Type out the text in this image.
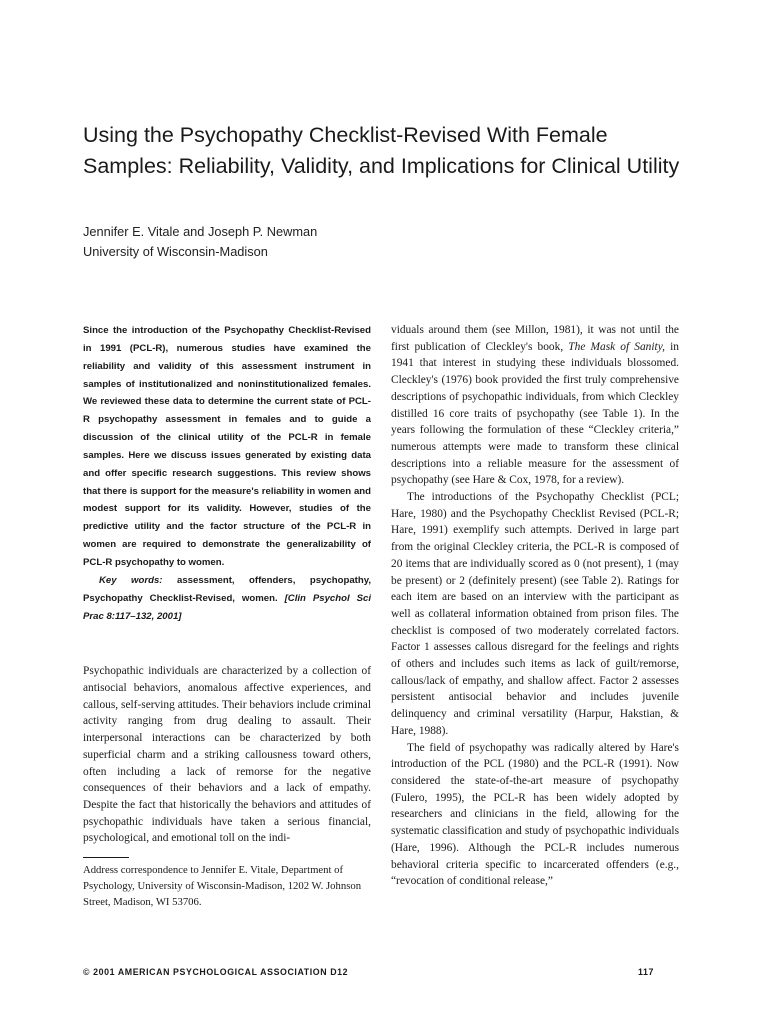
Using the Psychopathy Checklist-Revised With Female Samples: Reliability, Validity, and Implications for Clinical Utility
Jennifer E. Vitale and Joseph P. Newman
University of Wisconsin-Madison

Since the introduction of the Psychopathy Checklist-Revised in 1991 (PCL-R), numerous studies have examined the reliability and validity of this assessment instrument in samples of institutionalized and noninstitutionalized females. We reviewed these data to determine the current state of PCL-R psychopathy assessment in females and to guide a discussion of the clinical utility of the PCL-R in female samples. Here we discuss issues generated by existing data and offer specific research suggestions. This review shows that there is support for the measure's reliability in women and modest support for its validity. However, studies of the predictive utility and the factor structure of the PCL-R in women are required to demonstrate the generalizability of PCL-R psychopathy to women.

Key words: assessment, offenders, psychopathy, Psychopathy Checklist-Revised, women. [Clin Psychol Sci Prac 8:117–132, 2001]

Psychopathic individuals are characterized by a collection of antisocial behaviors, anomalous affective experiences, and callous, self-serving attitudes. Their behaviors include criminal activity ranging from drug dealing to assault. Their interpersonal interactions can be characterized by both superficial charm and a striking callousness toward others, often including a lack of remorse for the negative consequences of their behaviors and a lack of empathy. Despite the fact that historically the behaviors and attitudes of psychopathic individuals have taken a serious financial, psychological, and emotional toll on the indi-

Address correspondence to Jennifer E. Vitale, Department of Psychology, University of Wisconsin-Madison, 1202 W. Johnson Street, Madison, WI 53706.

viduals around them (see Millon, 1981), it was not until the first publication of Cleckley's book, The Mask of Sanity, in 1941 that interest in studying these individuals blossomed. Cleckley's (1976) book provided the first truly comprehensive descriptions of psychopathic individuals, from which Cleckley distilled 16 core traits of psychopathy (see Table 1). In the years following the formulation of these “Cleckley criteria,” numerous attempts were made to transform these clinical descriptions into a reliable measure for the assessment of psychopathy (see Hare & Cox, 1978, for a review).

The introductions of the Psychopathy Checklist (PCL; Hare, 1980) and the Psychopathy Checklist Revised (PCL-R; Hare, 1991) exemplify such attempts. Derived in large part from the original Cleckley criteria, the PCL-R is composed of 20 items that are individually scored as 0 (not present), 1 (may be present) or 2 (definitely present) (see Table 2). Ratings for each item are based on an interview with the participant as well as collateral information obtained from prison files. The checklist is composed of two moderately correlated factors. Factor 1 assesses callous disregard for the feelings and rights of others and includes such items as lack of guilt/remorse, callous/lack of empathy, and shallow affect. Factor 2 assesses persistent antisocial behavior and includes juvenile delinquency and criminal versatility (Harpur, Hakstian, & Hare, 1988).

The field of psychopathy was radically altered by Hare's introduction of the PCL (1980) and the PCL-R (1991). Now considered the state-of-the-art measure of psychopathy (Fulero, 1995), the PCL-R has been widely adopted by researchers and clinicians in the field, allowing for the systematic classification and study of psychopathic individuals (Hare, 1996). Although the PCL-R includes numerous behavioral criteria specific to incarcerated offenders (e.g., “revocation of conditional release,”

© 2001 AMERICAN PSYCHOLOGICAL ASSOCIATION D12	117
